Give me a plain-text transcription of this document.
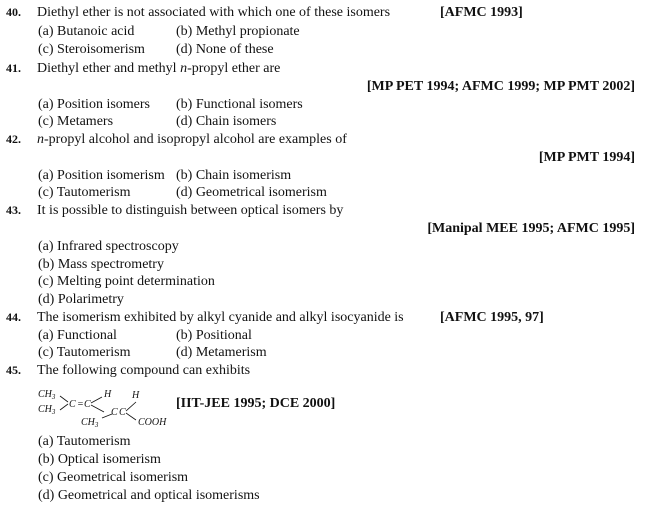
40. Diethyl ether is not associated with which one of these isomers	[AFMC 1993]
(a) Butanoic acid	(b) Methyl propionate
(c) Steroisomerism (d) None of these
41. Diethyl ether and methyl n-propyl ether are
[MP PET 1994; AFMC 1999; MP PMT 2002]
(a) Position isomers (b) Functional isomers
(c) Metamers	(d) Chain isomers
42. n-propyl alcohol and isopropyl alcohol are examples of
[MP PMT 1994]
(a) Position isomerism (b) Chain isomerism
(c) Tautomerism	(d) Geometrical isomerism
43. It is possible to distinguish between optical isomers by
[Manipal MEE 1995; AFMC 1995]
(a) Infrared spectroscopy
(b) Mass spectrometry
(c) Melting point determination
(d) Polarimetry
44. The isomerism exhibited by alkyl cyanide and alkyl isocyanide is	[AFMC 1995, 97]
(a) Functional	(b) Positional
(c) Tautomerism	(d) Metamerism
45. The following compound can exhibits
$CH_3$
$CH_3$
C = C
H H
C C
$CH_3$	COOH
[IIT-JEE 1995; DCE 2000]
(a) Tautomerism
(b) Optical isomerism
(c) Geometrical isomerism
(d) Geometrical and optical isomerisms
